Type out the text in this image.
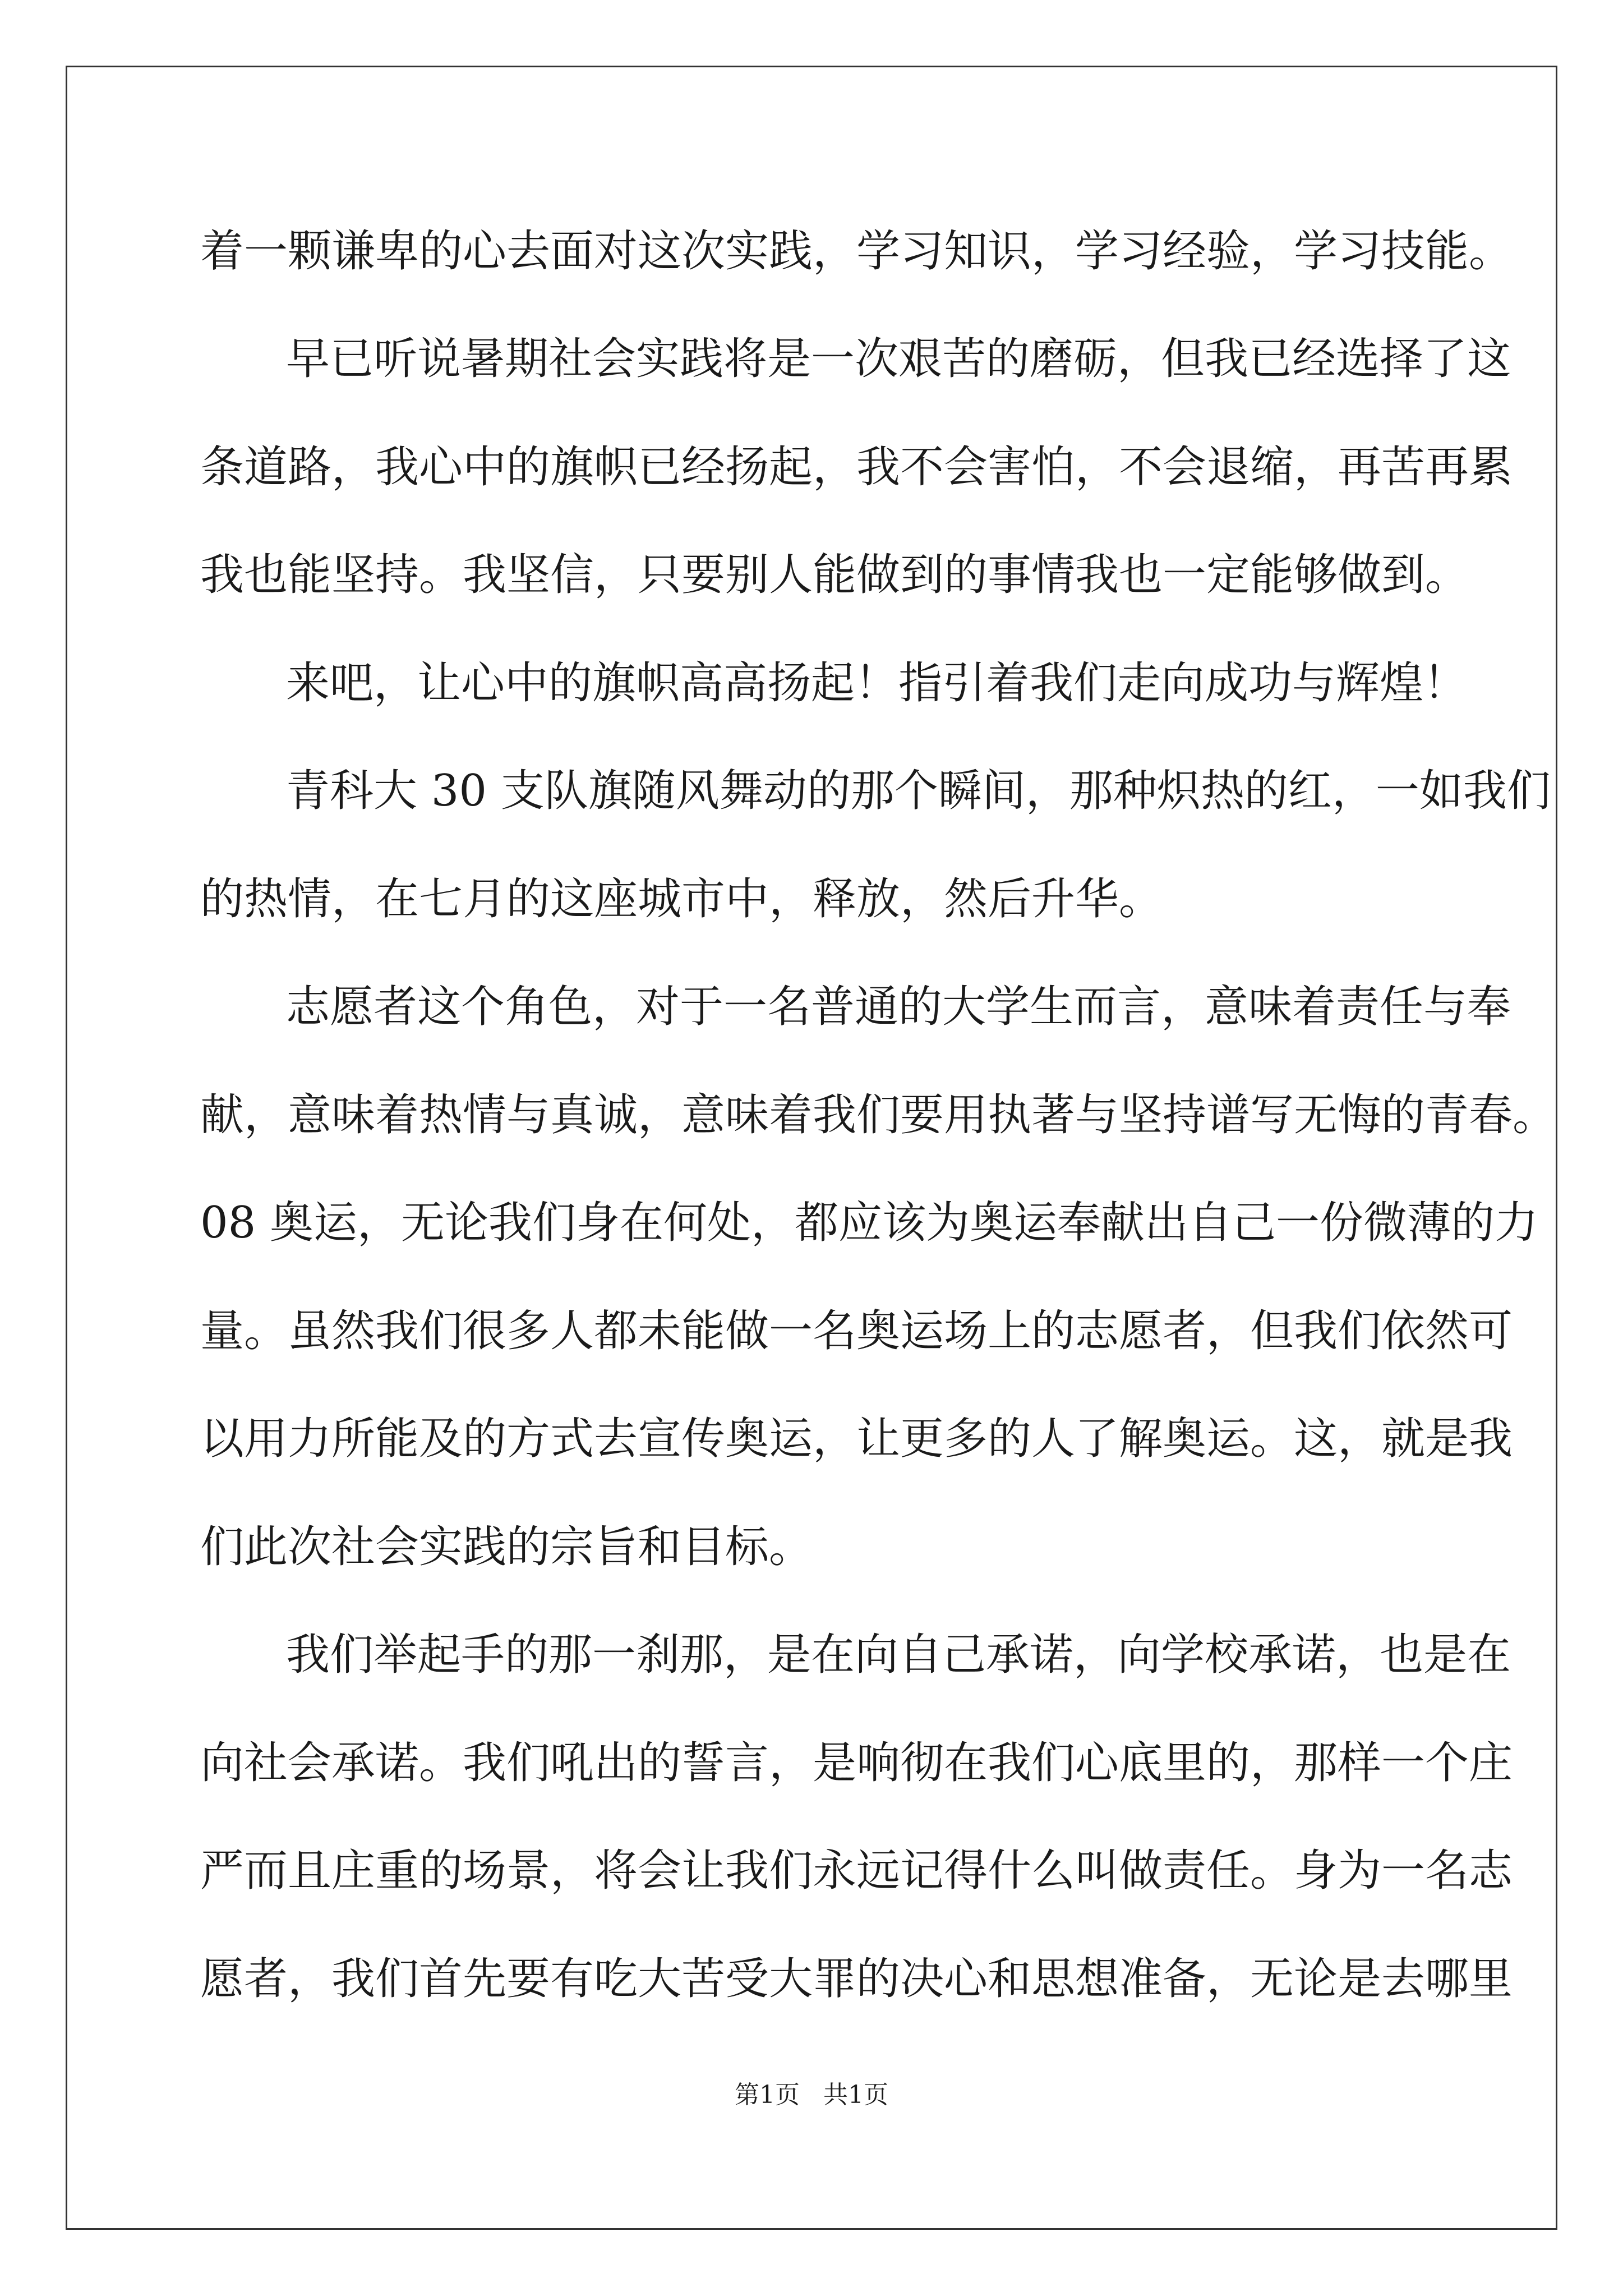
着一颗谦卑的心去面对这次实践，学习知识，学习经验，学习技能。
早已听说暑期社会实践将是一次艰苦的磨砺，但我已经选择了这
条道路，我心中的旗帜已经扬起，我不会害怕，不会退缩，再苦再累
我也能坚持。我坚信，只要别人能做到的事情我也一定能够做到。
来吧，让心中的旗帜高高扬起！指引着我们走向成功与辉煌！
青科大 30 支队旗随风舞动的那个瞬间，那种炽热的红，一如我们
的热情，在七月的这座城市中，释放，然后升华。
志愿者这个角色，对于一名普通的大学生而言，意味着责任与奉
献，意味着热情与真诚，意味着我们要用执著与坚持谱写无悔的青春。
08 奥运，无论我们身在何处，都应该为奥运奉献出自己一份微薄的力
量。虽然我们很多人都未能做一名奥运场上的志愿者，但我们依然可
以用力所能及的方式去宣传奥运，让更多的人了解奥运。这，就是我
们此次社会实践的宗旨和目标。
我们举起手的那一刹那，是在向自己承诺，向学校承诺，也是在
向社会承诺。我们吼出的誓言，是响彻在我们心底里的，那样一个庄
严而且庄重的场景，将会让我们永远记得什么叫做责任。身为一名志
愿者，我们首先要有吃大苦受大罪的决心和思想准备，无论是去哪里
第1页   共1页
